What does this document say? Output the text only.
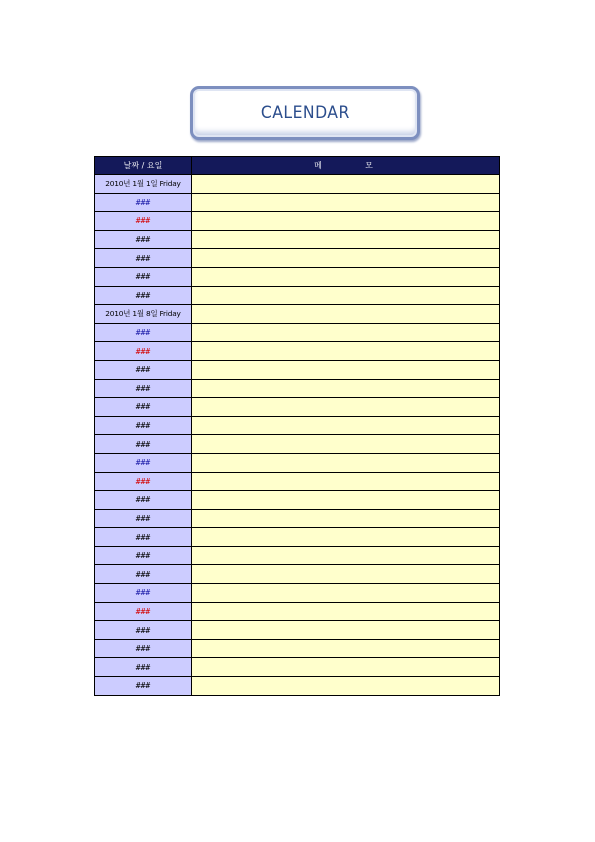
CALENDAR
날짜 / 요일	메      모
2010년 1월 1일 Friday	
###	
###	
###	
###	
###	
###	
2010년 1월 8일 Friday	
###	
###	
###	
###	
###	
###	
###	
###	
###	
###	
###	
###	
###	
###	
###	
###	
###	
###	
###	
###	
